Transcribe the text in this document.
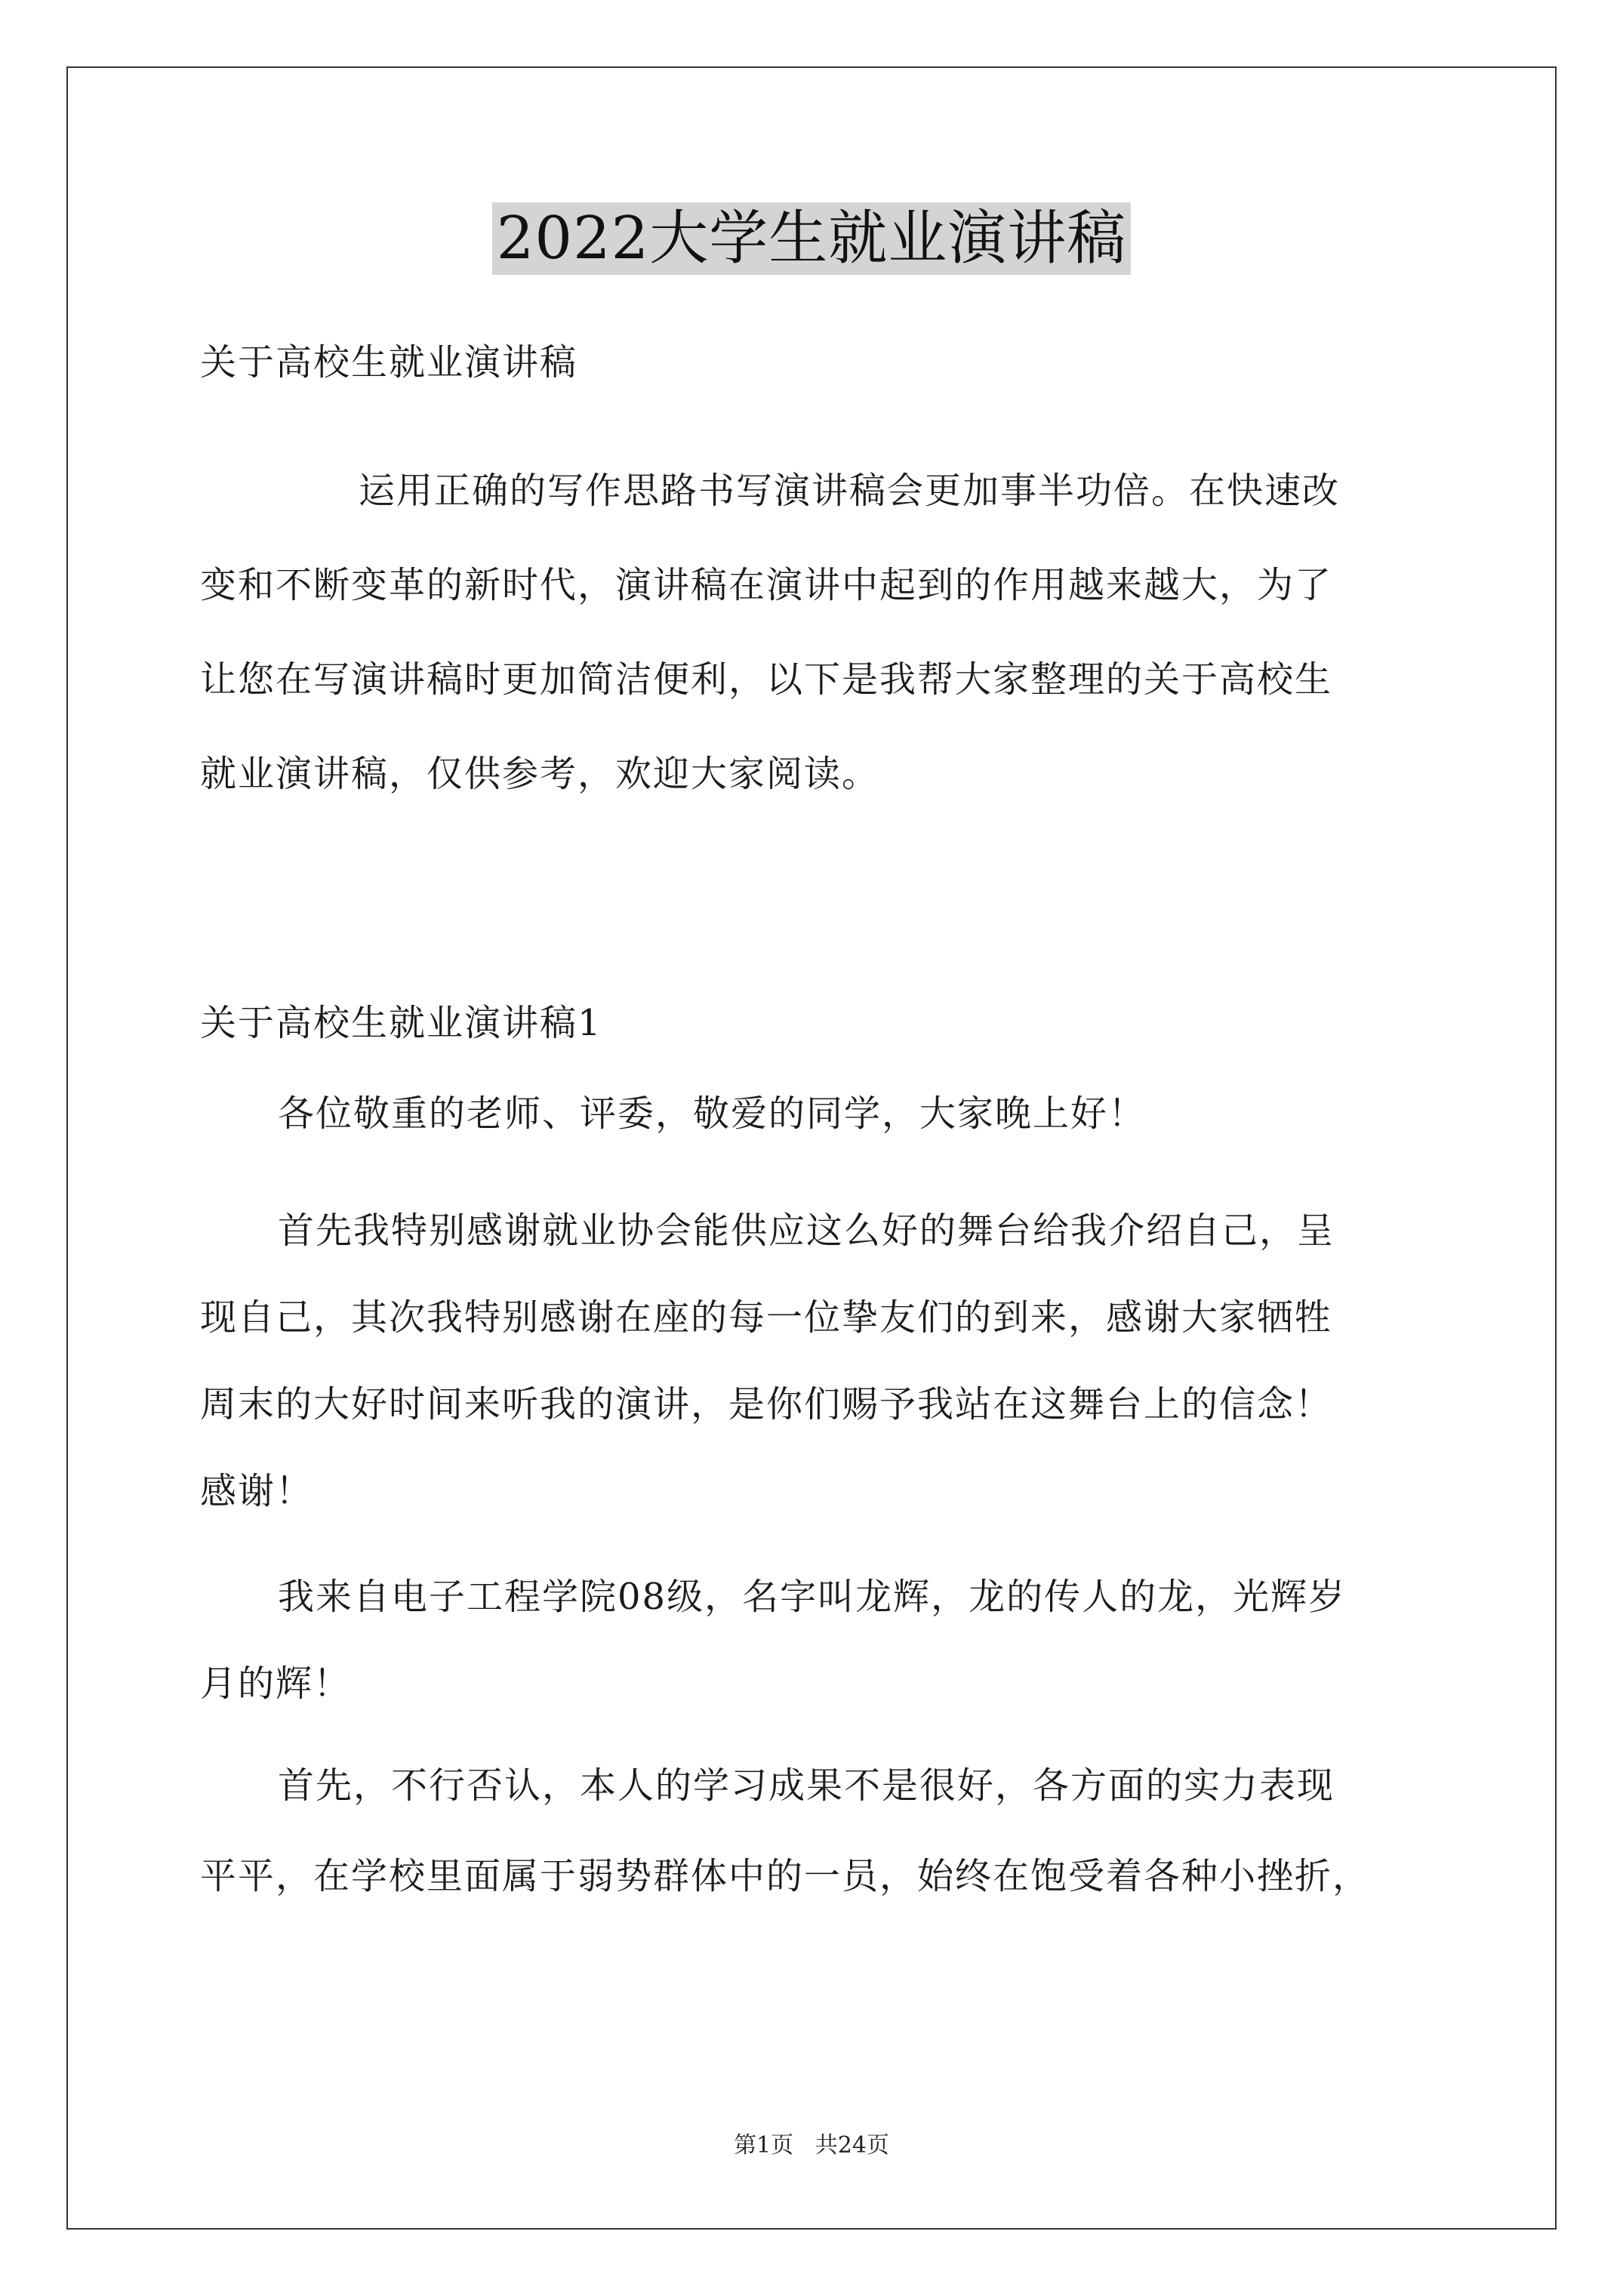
2022大学生就业演讲稿
关于高校生就业演讲稿
运用正确的写作思路书写演讲稿会更加事半功倍。在快速改
变和不断变革的新时代，演讲稿在演讲中起到的作用越来越大，为了
让您在写演讲稿时更加简洁便利，以下是我帮大家整理的关于高校生
就业演讲稿，仅供参考，欢迎大家阅读。
关于高校生就业演讲稿1
各位敬重的老师、评委，敬爱的同学，大家晚上好！
首先我特别感谢就业协会能供应这么好的舞台给我介绍自己，呈
现自己，其次我特别感谢在座的每一位挚友们的到来，感谢大家牺牲
周末的大好时间来听我的演讲，是你们赐予我站在这舞台上的信念！
感谢！
我来自电子工程学院08级，名字叫龙辉，龙的传人的龙，光辉岁
月的辉！
首先，不行否认，本人的学习成果不是很好，各方面的实力表现
平平，在学校里面属于弱势群体中的一员，始终在饱受着各种小挫折，
第1页   共24页
